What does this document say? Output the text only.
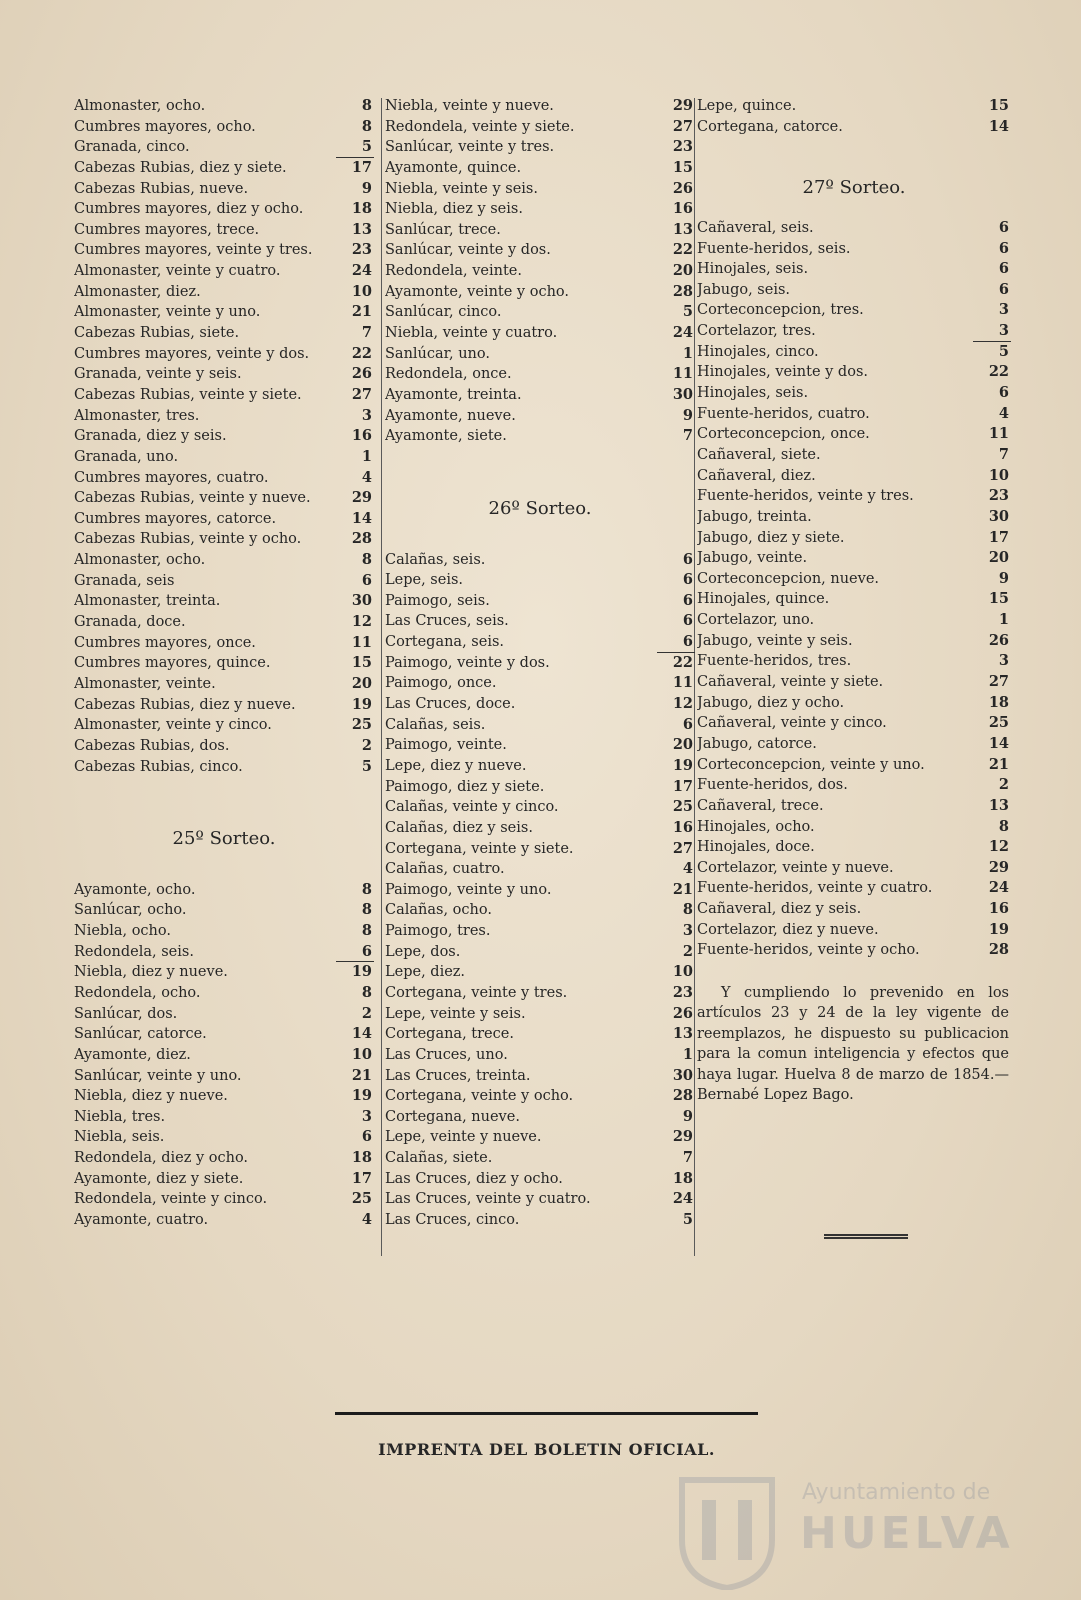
Almonaster, ocho.	8
Cumbres mayores, ocho.	8
Granada, cinco.	5
Cabezas Rubias, diez y siete.	17
Cabezas Rubias, nueve.	9
Cumbres mayores, diez y ocho.	18
Cumbres mayores, trece.	13
Cumbres mayores, veinte y tres.	23
Almonaster, veinte y cuatro.	24
Almonaster, diez.	10
Almonaster, veinte y uno.	21
Cabezas Rubias, siete.	7
Cumbres mayores, veinte y dos.	22
Granada, veinte y seis.	26
Cabezas Rubias, veinte y siete.	27
Almonaster, tres.	3
Granada, diez y seis.	16
Granada, uno.	1
Cumbres mayores, cuatro.	4
Cabezas Rubias, veinte y nueve.	29
Cumbres mayores, catorce.	14
Cabezas Rubias, veinte y ocho.	28
Almonaster, ocho.	8
Granada, seis	6
Almonaster, treinta.	30
Granada, doce.	12
Cumbres mayores, once.	11
Cumbres mayores, quince.	15
Almonaster, veinte.	20
Cabezas Rubias, diez y nueve.	19
Almonaster, veinte y cinco.	25
Cabezas Rubias, dos.	2
Cabezas Rubias, cinco.	5
25º Sorteo.
Ayamonte, ocho.	8
Sanlúcar, ocho.	8
Niebla, ocho.	8
Redondela, seis.	6
Niebla, diez y nueve.	19
Redondela, ocho.	8
Sanlúcar, dos.	2
Sanlúcar, catorce.	14
Ayamonte, diez.	10
Sanlúcar, veinte y uno.	21
Niebla, diez y nueve.	19
Niebla, tres.	3
Niebla, seis.	6
Redondela, diez y ocho.	18
Ayamonte, diez y siete.	17
Redondela, veinte y cinco.	25
Ayamonte, cuatro.	4
Niebla, veinte y nueve.	29
Redondela, veinte y siete.	27
Sanlúcar, veinte y tres.	23
Ayamonte, quince.	15
Niebla, veinte y seis.	26
Niebla, diez y seis.	16
Sanlúcar, trece.	13
Sanlúcar, veinte y dos.	22
Redondela, veinte.	20
Ayamonte, veinte y ocho.	28
Sanlúcar, cinco.	5
Niebla, veinte y cuatro.	24
Sanlúcar, uno.	1
Redondela, once.	11
Ayamonte, treinta.	30
Ayamonte, nueve.	9
Ayamonte, siete.	7
26º Sorteo.
Calañas, seis.	6
Lepe, seis.	6
Paimogo, seis.	6
Las Cruces, seis.	6
Cortegana, seis.	6
Paimogo, veinte y dos.	22
Paimogo, once.	11
Las Cruces, doce.	12
Calañas, seis.	6
Paimogo, veinte.	20
Lepe, diez y nueve.	19
Paimogo, diez y siete.	17
Calañas, veinte y cinco.	25
Calañas, diez y seis.	16
Cortegana, veinte y siete.	27
Calañas, cuatro.	4
Paimogo, veinte y uno.	21
Calañas, ocho.	8
Paimogo, tres.	3
Lepe, dos.	2
Lepe, diez.	10
Cortegana, veinte y tres.	23
Lepe, veinte y seis.	26
Cortegana, trece.	13
Las Cruces, uno.	1
Las Cruces, treinta.	30
Cortegana, veinte y ocho.	28
Cortegana, nueve.	9
Lepe, veinte y nueve.	29
Calañas, siete.	7
Las Cruces, diez y ocho.	18
Las Cruces, veinte y cuatro.	24
Las Cruces, cinco.	5
Lepe, quince.	15
Cortegana, catorce.	14
27º Sorteo.
Cañaveral, seis.	6
Fuente-heridos, seis.	6
Hinojales, seis.	6
Jabugo, seis.	6
Corteconcepcion, tres.	3
Cortelazor, tres.	3
Hinojales, cinco.	5
Hinojales, veinte y dos.	22
Hinojales, seis.	6
Fuente-heridos, cuatro.	4
Corteconcepcion, once.	11
Cañaveral, siete.	7
Cañaveral, diez.	10
Fuente-heridos, veinte y tres.	23
Jabugo, treinta.	30
Jabugo, diez y siete.	17
Jabugo, veinte.	20
Corteconcepcion, nueve.	9
Hinojales, quince.	15
Cortelazor, uno.	1
Jabugo, veinte y seis.	26
Fuente-heridos, tres.	3
Cañaveral, veinte y siete.	27
Jabugo, diez y ocho.	18
Cañaveral, veinte y cinco.	25
Jabugo, catorce.	14
Corteconcepcion, veinte y uno.	21
Fuente-heridos, dos.	2
Cañaveral, trece.	13
Hinojales, ocho.	8
Hinojales, doce.	12
Cortelazor, veinte y nueve.	29
Fuente-heridos, veinte y cuatro.	24
Cañaveral, diez y seis.	16
Cortelazor, diez y nueve.	19
Fuente-heridos, veinte y ocho.	28
Y cumpliendo lo prevenido en los artículos 23 y 24 de la ley vigente de reemplazos, he dispuesto su publicacion para la comun inteligencia y efectos que haya lugar. Huelva 8 de marzo de 1854.—Bernabé Lopez Bago.
IMPRENTA DEL BOLETIN OFICIAL.
Ayuntamiento de
HUELVA
